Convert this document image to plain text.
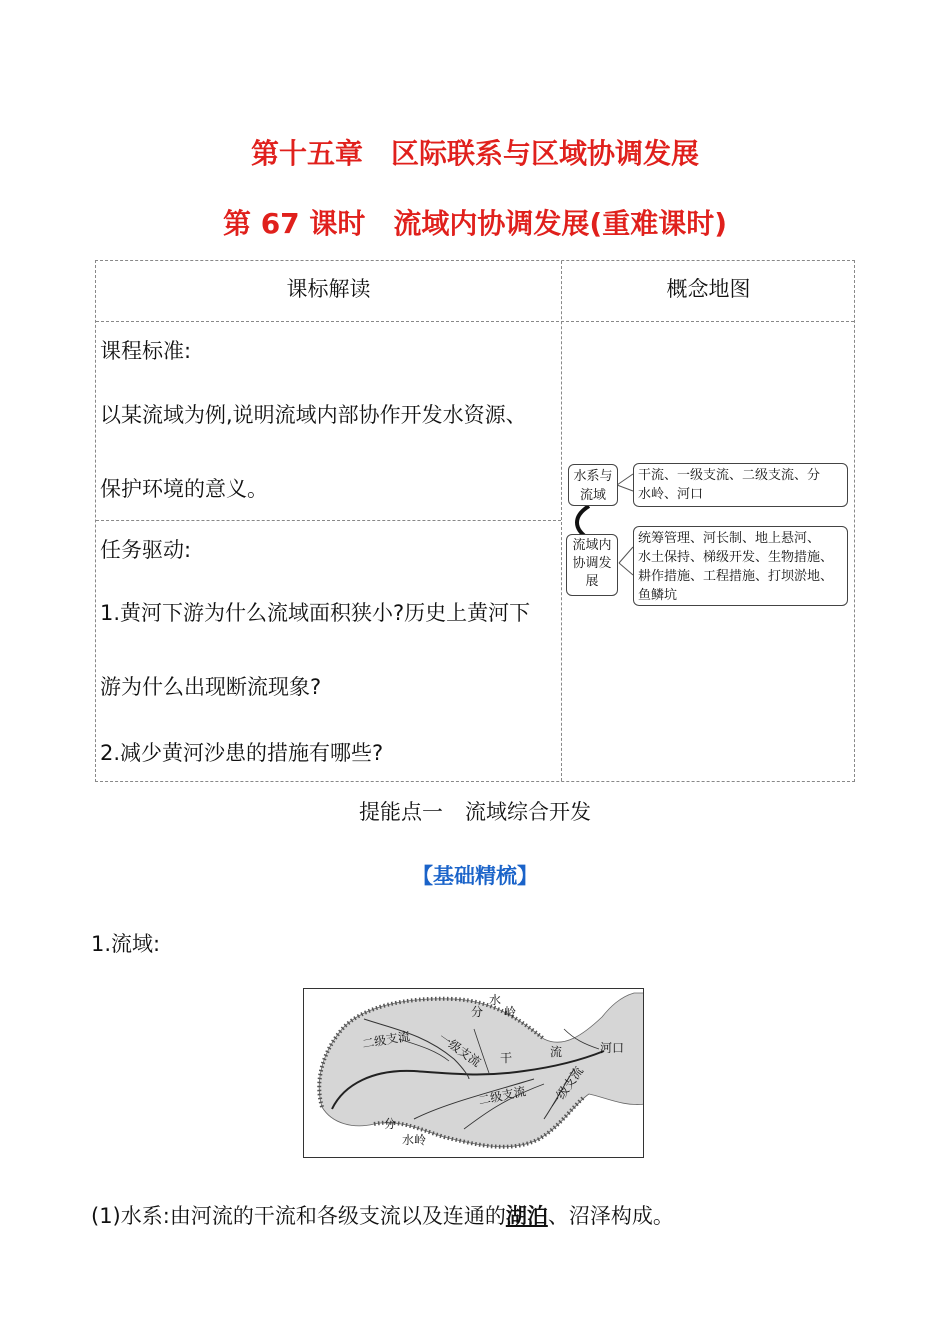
第十五章 区际联系与区域协调发展
第 67 课时 流域内协调发展(重难课时)
课标解读	概念地图
课程标准:
以某流域为例,说明流域内部协作开发水资源、
保护环境的意义。
任务驱动:
1.黄河下游为什么流域面积狭小?历史上黄河下
游为什么出现断流现象?
2.减少黄河沙患的措施有哪些?
水系与
流域
干流、一级支流、二级支流、分
水岭、河口
流域内
协调发
展
统筹管理、河长制、地上悬河、
水土保持、梯级开发、生物措施、
耕作措施、工程措施、打坝淤地、
鱼鳞坑
提能点一 流域综合开发
【基础精梳】
1.流域:
分
水
岭
二级支流 一级支流 干	流	河口
二级支流 一级支流
分
水岭
(1)水系:由河流的干流和各级支流以及连通的湖泊、沼泽构成。
